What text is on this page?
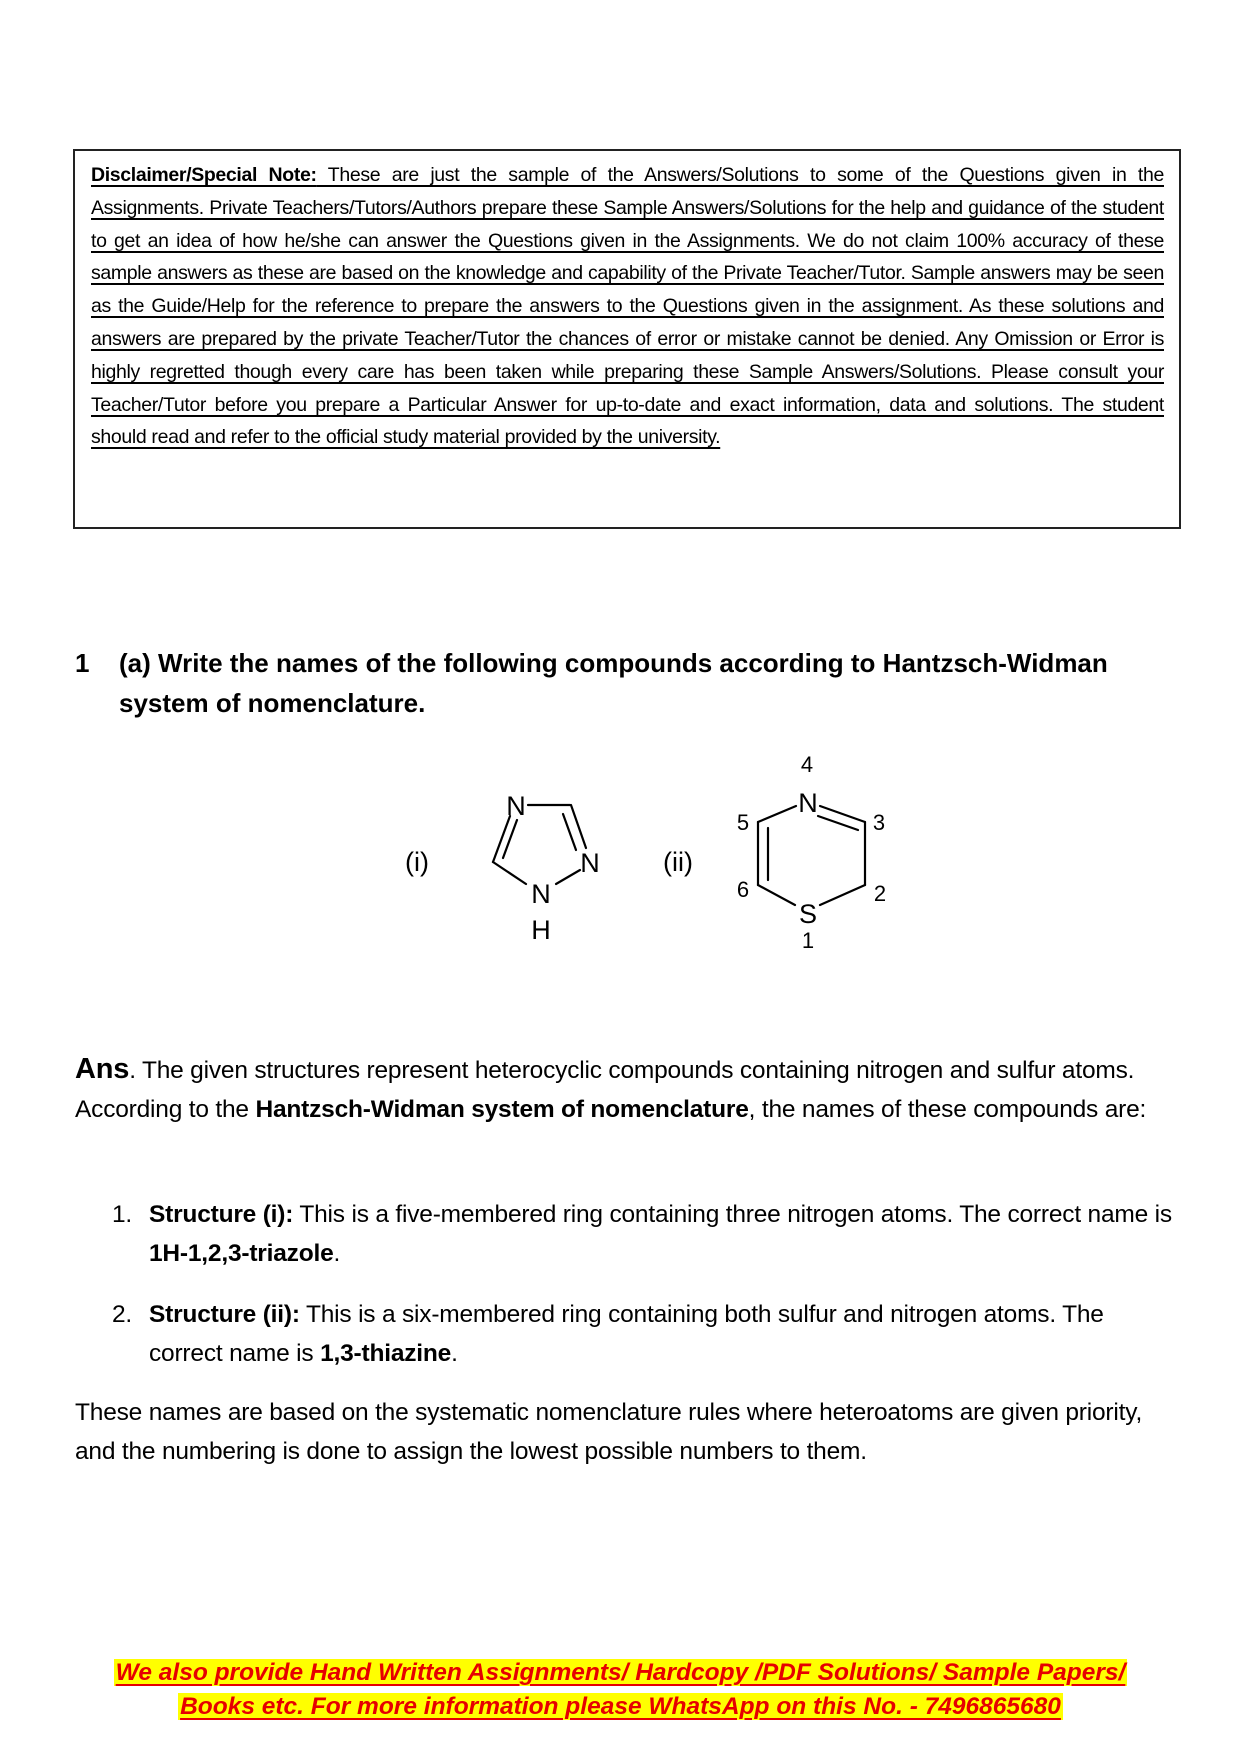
Disclaimer/Special Note: These are just the sample of the Answers/Solutions to some of the Questions given in the Assignments. Private Teachers/Tutors/Authors prepare these Sample Answers/Solutions for the help and guidance of the student to get an idea of how he/she can answer the Questions given in the Assignments. We do not claim 100% accuracy of these sample answers as these are based on the knowledge and capability of the Private Teacher/Tutor. Sample answers may be seen as the Guide/Help for the reference to prepare the answers to the Questions given in the assignment. As these solutions and answers are prepared by the private Teacher/Tutor the chances of error or mistake cannot be denied. Any Omission or Error is highly regretted though every care has been taken while preparing these Sample Answers/Solutions. Please consult your Teacher/Tutor before you prepare a Particular Answer for up-to-date and exact information, data and solutions. The student should read and refer to the official study material provided by the university.
1 (a) Write the names of the following compounds according to Hantzsch-Widman system of nomenclature.
(i)
N
N
N
H
(ii)
N
S
4
5	3
6	2
1
Ans. The given structures represent heterocyclic compounds containing nitrogen and sulfur atoms. According to the Hantzsch-Widman system of nomenclature, the names of these compounds are:
1. Structure (i): This is a five-membered ring containing three nitrogen atoms. The correct name is 1H-1,2,3-triazole.
2. Structure (ii): This is a six-membered ring containing both sulfur and nitrogen atoms. The correct name is 1,3-thiazine.
These names are based on the systematic nomenclature rules where heteroatoms are given priority, and the numbering is done to assign the lowest possible numbers to them.
We also provide Hand Written Assignments/ Hardcopy /PDF Solutions/ Sample Papers/
Books etc. For more information please WhatsApp on this No. - 7496865680
